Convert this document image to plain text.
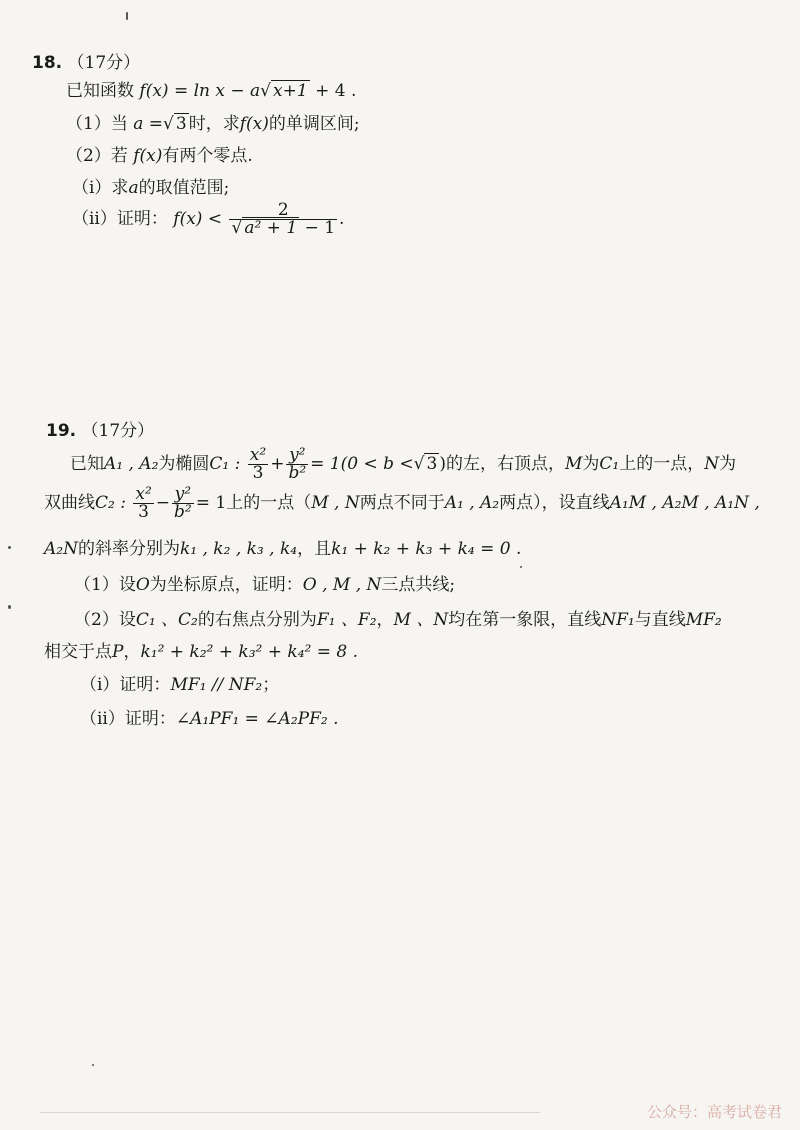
18. （17分）
已知函数 f(x) = ln x − a√ x+1 + 4 .
（1）当 a =√ 3 时，求f(x)的单调区间;
（2）若 f(x)有两个零点.
（i）求a的取值范围;
（ii）证明： $f(x) < \frac{2}{\text{√ a² + 1 − 1}}$ .
19. （17分）
已知A₁ , A₂为椭圆C₁ : $\frac{\text{x²}}{3} + \frac{\text{y²}}{\text{b²}} = 1(0 < b$ <√ 3 )的左，右顶点，M为C₁上的一点，N为
双曲线C₂ : $\frac{\text{x²}}{3} - \frac{\text{y²}}{\text{b²}} = 1$上的一点（M , N两点不同于A₁ , A₂两点），设直线A₁M , A₂M , A₁N ,
A₂N的斜率分别为k₁ , k₂ , k₃ , k₄，且k₁ + k₂ + k₃ + k₄ = 0 .
（1）设O为坐标原点，证明：O , M , N三点共线;
（2）设C₁ 、C₂的右焦点分别为F₁ 、F₂，M 、N均在第一象限，直线NF₁与直线MF₂
相交于点P，k₁² + k₂² + k₃² + k₄² = 8 .
（i）证明：MF₁ // NF₂；
（ii）证明：∠A₁PF₁ = ∠A₂PF₂ .
公众号：高考试卷君
